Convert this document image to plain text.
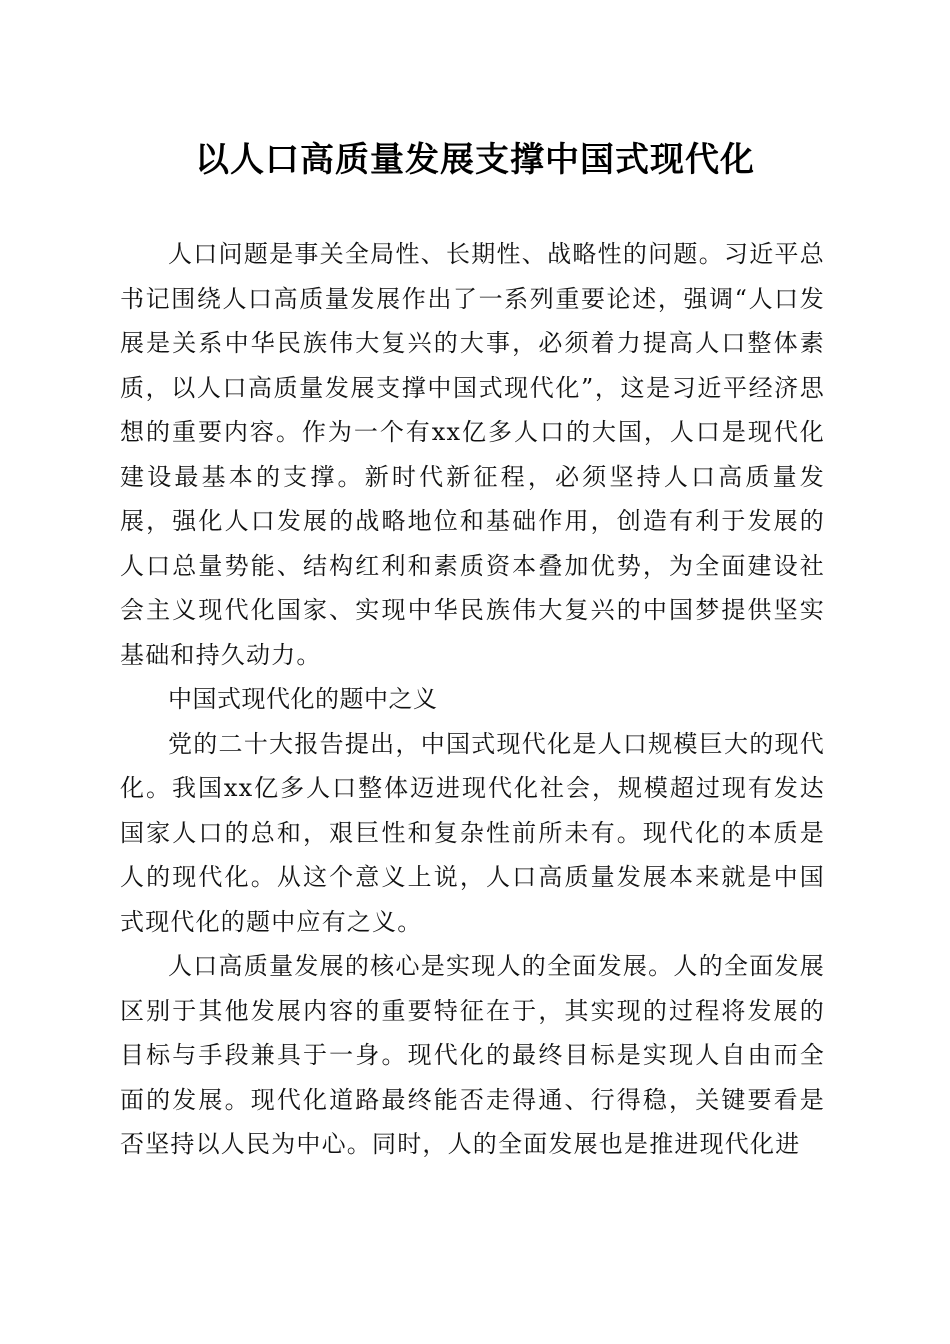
以人口高质量发展支撑中国式现代化

人口问题是事关全局性、长期性、战略性的问题。习近平总书记围绕人口高质量发展作出了一系列重要论述，强调“人口发展是关系中华民族伟大复兴的大事，必须着力提高人口整体素质，以人口高质量发展支撑中国式现代化”，这是习近平经济思想的重要内容。作为一个有xx亿多人口的大国，人口是现代化建设最基本的支撑。新时代新征程，必须坚持人口高质量发展，强化人口发展的战略地位和基础作用，创造有利于发展的人口总量势能、结构红利和素质资本叠加优势，为全面建设社会主义现代化国家、实现中华民族伟大复兴的中国梦提供坚实基础和持久动力。

中国式现代化的题中之义

党的二十大报告提出，中国式现代化是人口规模巨大的现代化。我国xx亿多人口整体迈进现代化社会，规模超过现有发达国家人口的总和，艰巨性和复杂性前所未有。现代化的本质是人的现代化。从这个意义上说，人口高质量发展本来就是中国式现代化的题中应有之义。

人口高质量发展的核心是实现人的全面发展。人的全面发展区别于其他发展内容的重要特征在于，其实现的过程将发展的目标与手段兼具于一身。现代化的最终目标是实现人自由而全面的发展。现代化道路最终能否走得通、行得稳，关键要看是否坚持以人民为中心。同时，人的全面发展也是推进现代化进
